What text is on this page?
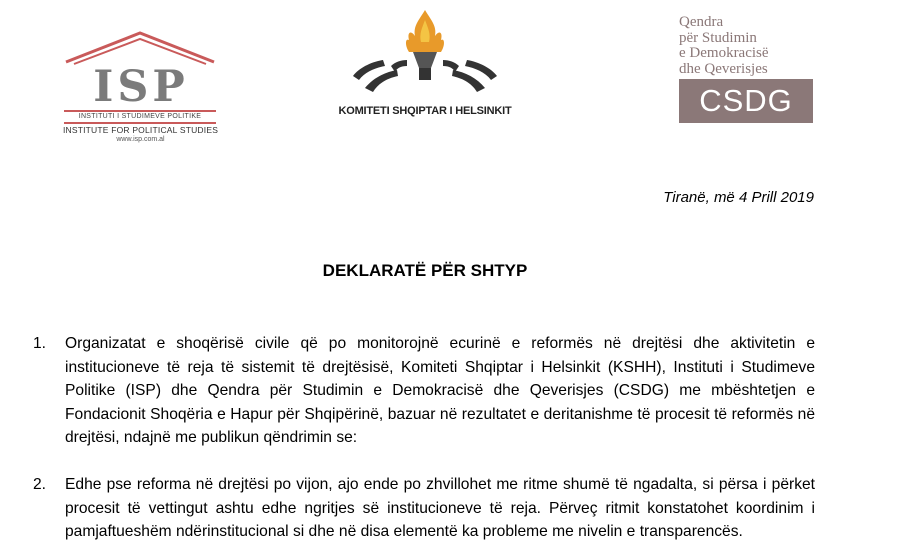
ISP
INSTITUTI I STUDIMEVE POLITIKE
INSTITUTE FOR POLITICAL STUDIES
www.isp.com.al
KOMITETI SHQIPTAR I HELSINKIT
Qendra
për Studimin
e Demokracisë
dhe Qeverisjes
CSDG
Tiranë, më 4 Prill 2019
DEKLARATË PËR SHTYP
1. Organizatat e shoqërisë civile që po monitorojnë ecurinë e reformës në drejtësi dhe aktivitetin e institucioneve të reja të sistemit të drejtësisë, Komiteti Shqiptar i Helsinkit (KSHH), Instituti i Studimeve Politike (ISP) dhe Qendra për Studimin e Demokracisë dhe Qeverisjes (CSDG) me mbështetjen e Fondacionit Shoqëria e Hapur për Shqipërinë, bazuar në rezultatet e deritanishme të procesit të reformës në drejtësi, ndajnë me publikun qëndrimin se:
2. Edhe pse reforma në drejtësi po vijon, ajo ende po zhvillohet me ritme shumë të ngadalta, si përsa i përket procesit të vettingut ashtu edhe ngritjes së institucioneve të reja. Përveç ritmit konstatohet koordinim i pamjaftueshëm ndërinstitucional si dhe në disa elementë ka probleme me nivelin e transparencës.
